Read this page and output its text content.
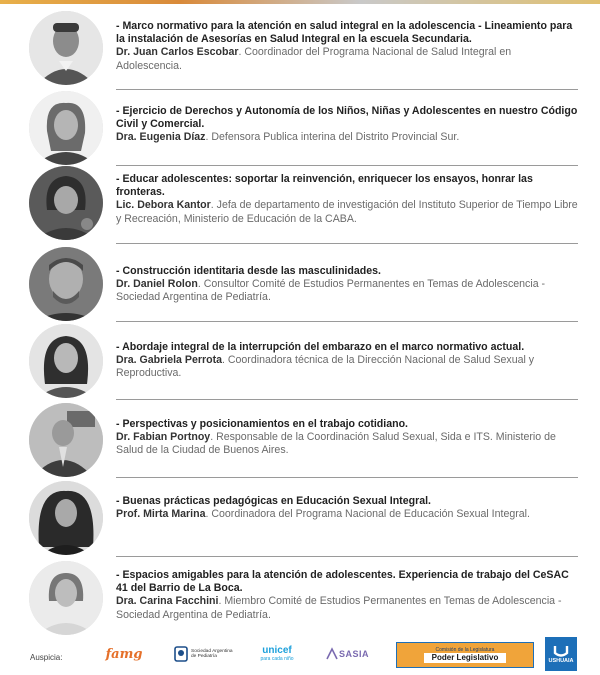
- Marco normativo para la atención en salud integral en la adolescencia - Lineamiento para la instalación de Asesorías en Salud Integral en la escuela Secundaria.
Dr. Juan Carlos Escobar. Coordinador del Programa Nacional de Salud Integral en Adolescencia.
- Ejercicio de Derechos y Autonomía de los Niños, Niñas y Adolescentes en nuestro Código Civil y Comercial.
Dra. Eugenia Díaz. Defensora Publica interina del Distrito Provincial Sur.
- Educar adolescentes: soportar la reinvención, enriquecer los ensayos, honrar las fronteras.
Lic. Debora Kantor. Jefa de departamento de investigación del Instituto Superior de Tiempo Libre y Recreación, Ministerio de Educación de la CABA.
- Construcción identitaria desde las masculinidades.
Dr. Daniel Rolon. Consultor Comité de Estudios Permanentes en Temas de Adolescencia - Sociedad Argentina de Pediatría.
- Abordaje integral de la interrupción del embarazo en el marco normativo actual.
Dra. Gabriela Perrota. Coordinadora técnica de la Dirección Nacional de Salud Sexual y Reproductiva.
- Perspectivas y posicionamientos en el trabajo cotidiano.
Dr. Fabian Portnoy. Responsable de la Coordinación Salud Sexual, Sida e ITS. Ministerio de Salud de la Ciudad de Buenos Aires.
- Buenas prácticas pedagógicas en Educación Sexual Integral.
Prof. Mirta Marina. Coordinadora del Programa Nacional de Educación Sexual Integral.
- Espacios amigables para la atención de adolescentes. Experiencia de trabajo del CeSAC 41 del Barrio de La Boca.
Dra. Carina Facchini. Miembro Comité de Estudios Permanentes en Temas de Adolescencia - Sociedad Argentina de Pediatría.
Auspicia:	famg	Sociedad Argentina de Pediatría
unicef
para cada niño	SASIA	Comisión de la Legislatura
Poder Legislativo	USHUAIA
